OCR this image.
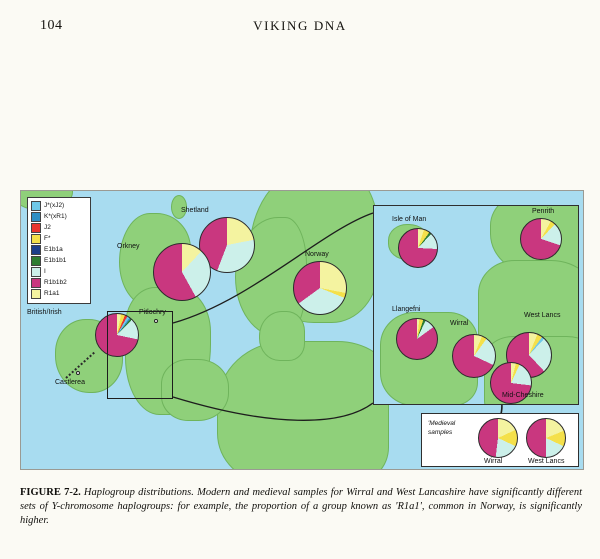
104	VIKING DNA
J*(xJ2)
K*(xR1)
J2
F*
E1b1a
E1b1b1
I
R1b1b2
R1a1
Shetland
Orkney
Norway
British/Irish	Pitlochry
Castlerea
Isle of Man
Penrith
Llangefni
Wirral
West Lancs
Mid-Cheshire
'Medieval
samples
Wirral	West Lancs
FIGURE 7-2. Haplogroup distributions. Modern and medieval samples for Wirral and West Lancashire have significantly different sets of Y-chromosome haplogroups: for example, the proportion of a group known as 'R1a1', common in Norway, is significantly higher.
